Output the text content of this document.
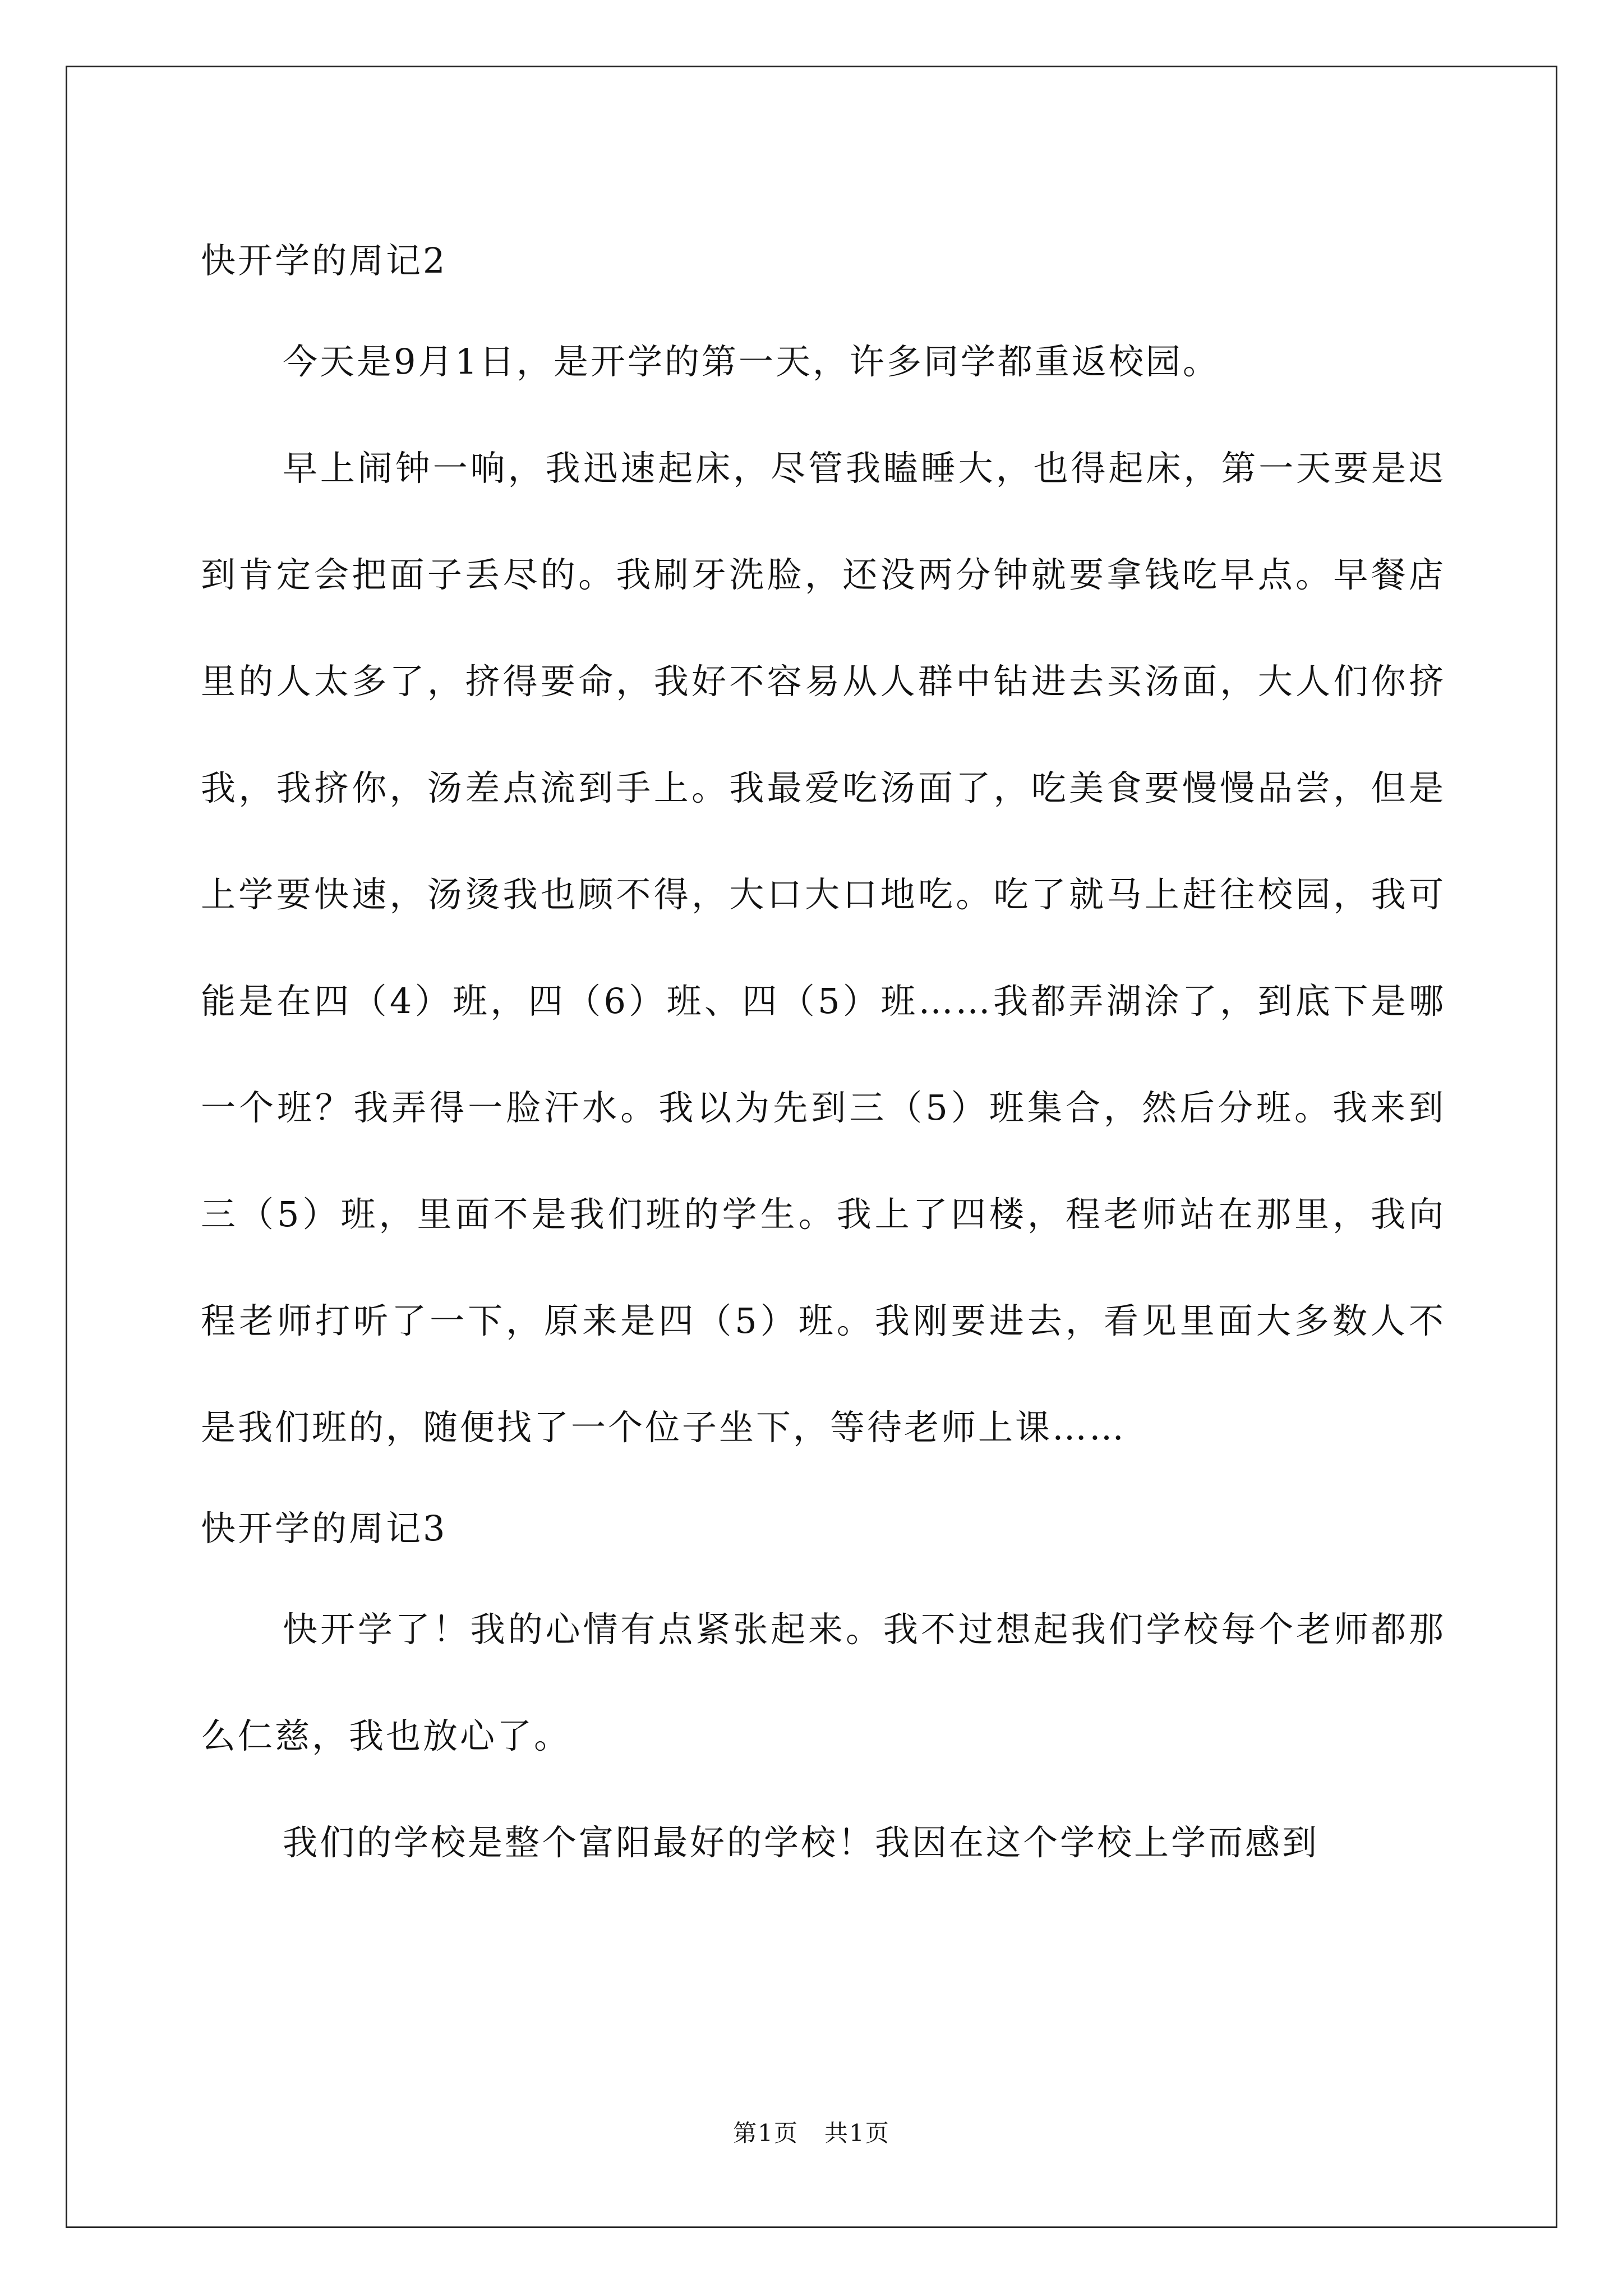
快开学的周记2

今天是9月1日，是开学的第一天，许多同学都重返校园。

早上闹钟一响，我迅速起床，尽管我瞌睡大，也得起床，第一天要是迟到肯定会把面子丢尽的。我刷牙洗脸，还没两分钟就要拿钱吃早点。早餐店里的人太多了，挤得要命，我好不容易从人群中钻进去买汤面，大人们你挤我，我挤你，汤差点流到手上。我最爱吃汤面了，吃美食要慢慢品尝，但是上学要快速，汤烫我也顾不得，大口大口地吃。吃了就马上赶往校园，我可能是在四（4）班，四（6）班、四（5）班……我都弄湖涂了，到底下是哪一个班？我弄得一脸汗水。我以为先到三（5）班集合，然后分班。我来到三（5）班，里面不是我们班的学生。我上了四楼，程老师站在那里，我向程老师打听了一下，原来是四（5）班。我刚要进去，看见里面大多数人不是我们班的，随便找了一个位子坐下，等待老师上课……

快开学的周记3

快开学了！我的心情有点紧张起来。我不过想起我们学校每个老师都那么仁慈，我也放心了。

我们的学校是整个富阳最好的学校！我因在这个学校上学而感到

第1页   共1页
